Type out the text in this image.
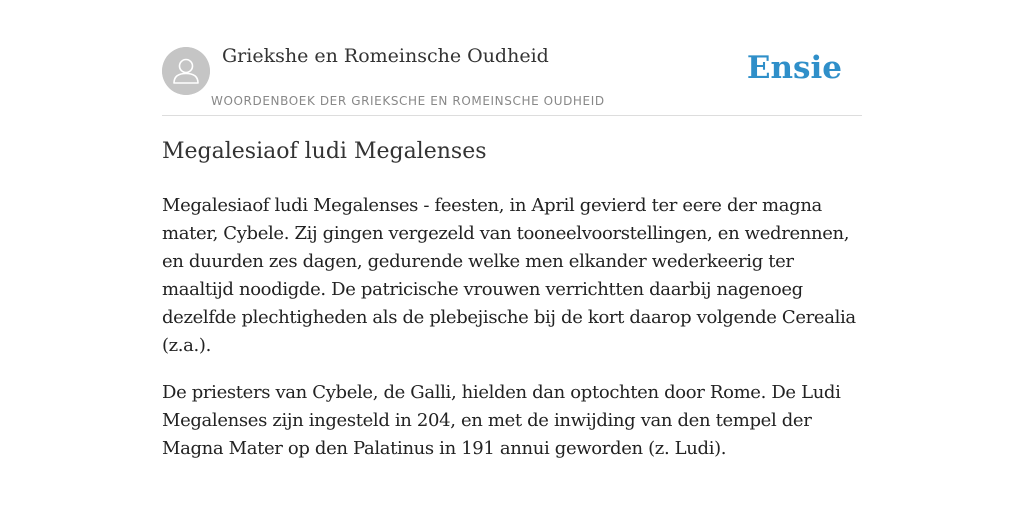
Griekshe en Romeinsche Oudheid
WOORDENBOEK DER GRIEKSCHE EN ROMEINSCHE OUDHEID
Ensie
Megalesiaof ludi Megalenses

Megalesiaof ludi Megalenses - feesten, in April gevierd ter eere der magna mater, Cybele. Zij gingen vergezeld van tooneelvoorstellingen, en wedrennen, en duurden zes dagen, gedurende welke men elkander wederkeerig ter maaltijd noodigde. De patricische vrouwen verrichtten daarbij nagenoeg dezelfde plechtigheden als de plebejische bij de kort daarop volgende Cerealia (z.a.).

De priesters van Cybele, de Galli, hielden dan optochten door Rome. De Ludi Megalenses zijn ingesteld in 204, en met de inwijding van den tempel der Magna Mater op den Palatinus in 191 annui geworden (z. Ludi).
